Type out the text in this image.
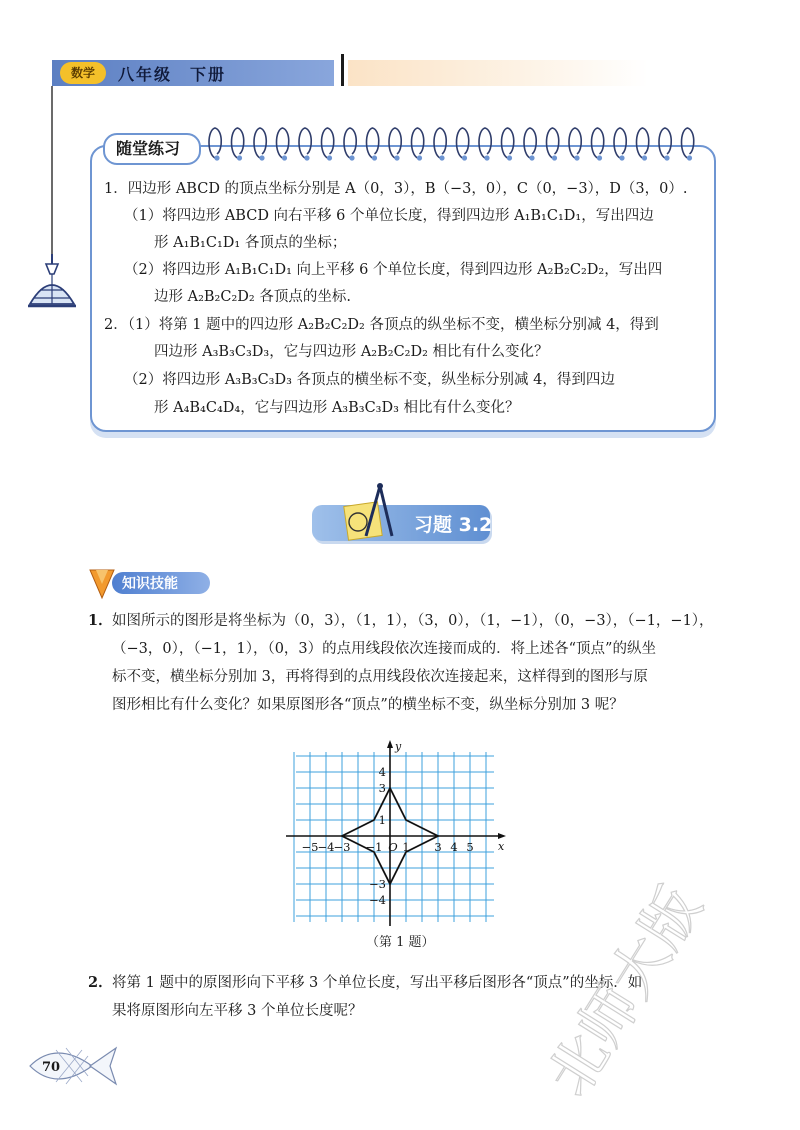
数学	八年级　下册
随堂练习
1．四边形 ABCD 的顶点坐标分别是 A（0，3），B（−3，0），C（0，−3），D（3，0）.
（1）将四边形 ABCD 向右平移 6 个单位长度，得到四边形 A₁B₁C₁D₁，写出四边
形 A₁B₁C₁D₁ 各顶点的坐标；
（2）将四边形 A₁B₁C₁D₁ 向上平移 6 个单位长度，得到四边形 A₂B₂C₂D₂，写出四
边形 A₂B₂C₂D₂ 各顶点的坐标.
2．（1）将第 1 题中的四边形 A₂B₂C₂D₂ 各顶点的纵坐标不变，横坐标分别减 4，得到
四边形 A₃B₃C₃D₃，它与四边形 A₂B₂C₂D₂ 相比有什么变化？
（2）将四边形 A₃B₃C₃D₃ 各顶点的横坐标不变，纵坐标分别减 4，得到四边
形 A₄B₄C₄D₄，它与四边形 A₃B₃C₃D₃ 相比有什么变化？
习题 3.2
知识技能
1． 如图所示的图形是将坐标为（0，3），（1，1），（3，0），（1，−1），（0，−3），（−1，−1），
（−3，0），（−1，1），（0，3）的点用线段依次连接而成的．将上述各“顶点”的纵坐
标不变，横坐标分别加 3，再将得到的点用线段依次连接起来，这样得到的图形与原
图形相比有什么变化？如果原图形各“顶点”的横坐标不变，纵坐标分别加 3 呢？
x
y
−5 −4 −3 −1 O 1 3 4 5
4
3
1
−3
−4
（第 1 题）
2． 将第 1 题中的原图形向下平移 3 个单位长度，写出平移后图形各“顶点”的坐标．如
果将原图形向左平移 3 个单位长度呢？
70	北师大版
